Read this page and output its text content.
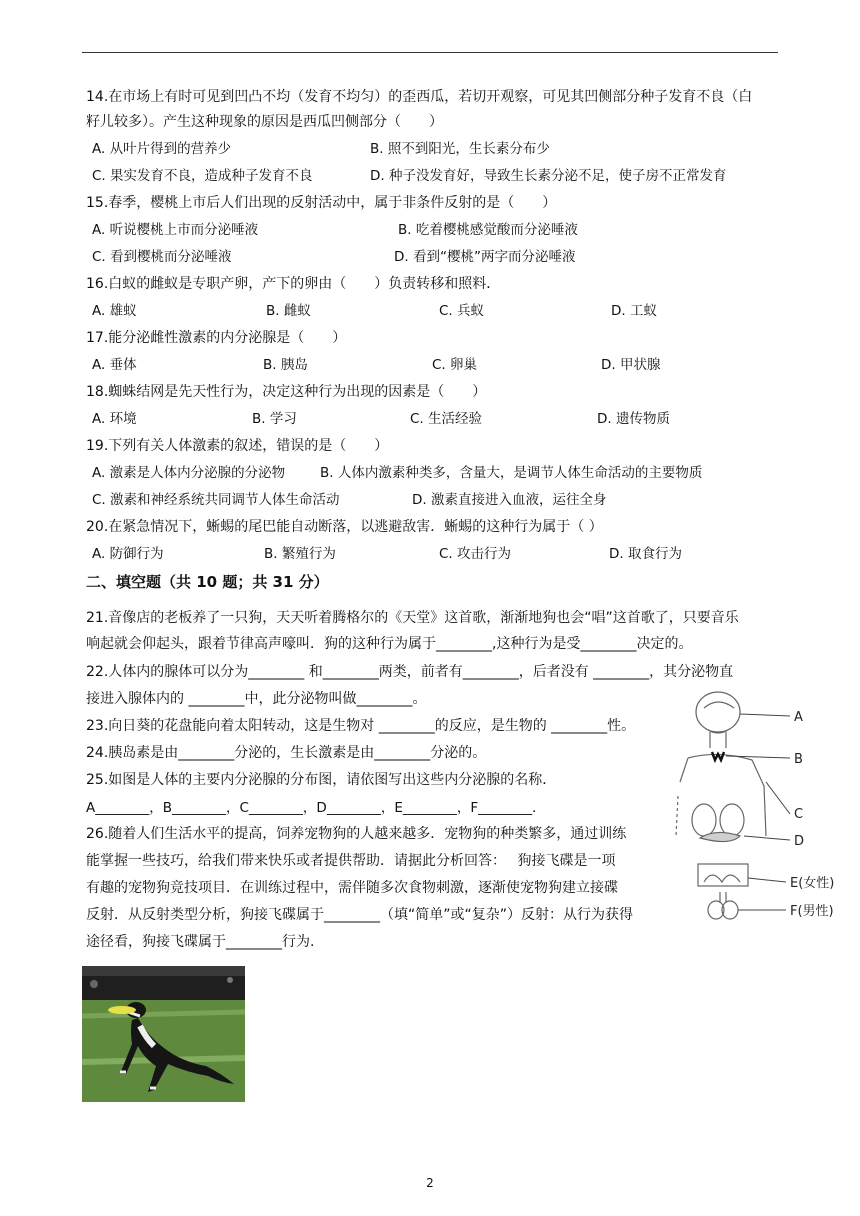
14.在市场上有时可见到凹凸不均（发育不均匀）的歪西瓜，若切开观察，可见其凹侧部分种子发育不良（白
籽儿较多）。产生这种现象的原因是西瓜凹侧部分（　　）
A. 从叶片得到的营养少	B. 照不到阳光，生长素分布少
C. 果实发育不良，造成种子发育不良	D. 种子没发育好，导致生长素分泌不足，使子房不正常发育
15.春季，樱桃上市后人们出现的反射活动中，属于非条件反射的是（　　）
A. 听说樱桃上市而分泌唾液	B. 吃着樱桃感觉酸而分泌唾液
C. 看到樱桃而分泌唾液	D. 看到“樱桃”两字而分泌唾液
16.白蚁的雌蚁是专职产卵，产下的卵由（　　）负责转移和照料．
A. 雄蚁	B. 雌蚁	C. 兵蚁	D. 工蚁
17.能分泌雌性激素的内分泌腺是（　　）
A. 垂体	B. 胰岛	C. 卵巢	D. 甲状腺
18.蜘蛛结网是先天性行为，决定这种行为出现的因素是（　　）
A. 环境	B. 学习	C. 生活经验	D. 遗传物质
19.下列有关人体激素的叙述，错误的是（　　）
A. 激素是人体内分泌腺的分泌物	B. 人体内激素种类多，含量大，是调节人体生命活动的主要物质
C. 激素和神经系统共同调节人体生命活动	D. 激素直接进入血液，运往全身
20.在紧急情况下，蜥蜴的尾巴能自动断落，以逃避敌害．蜥蜴的这种行为属于（ ）
A. 防御行为	B. 繁殖行为	C. 攻击行为	D. 取食行为
二、填空题（共 10 题；共 31 分）
21.音像店的老板养了一只狗，天天听着腾格尔的《天堂》这首歌，渐渐地狗也会“唱”这首歌了，只要音乐
响起就会仰起头，跟着节律高声嚎叫．狗的这种行为属于________,这种行为是受________决定的。
22.人体内的腺体可以分为________ 和________两类，前者有________，后者没有 ________，其分泌物直
接进入腺体内的 ________中，此分泌物叫做________。
23.向日葵的花盘能向着太阳转动，这是生物对 ________的反应，是生物的 ________性。
24.胰岛素是由________分泌的，生长激素是由________分泌的。
25.如图是人体的主要内分泌腺的分布图，请依图写出这些内分泌腺的名称．
A________，B________，C________，D________，E________，F________．
26.随着人们生活水平的提高，饲养宠物狗的人越来越多．宠物狗的种类繁多，通过训练
能掌握一些技巧，给我们带来快乐或者提供帮助．请据此分析回答：　 狗接飞碟是一项
有趣的宠物狗竞技项目．在训练过程中，需伴随多次食物刺激，逐渐使宠物狗建立接碟
反射．从反射类型分析，狗接飞碟属于________（填“简单”或“复杂”）反射：从行为获得
途径看，狗接飞碟属于________行为.
A
B
C
D
E(女性)
F(男性)
2
